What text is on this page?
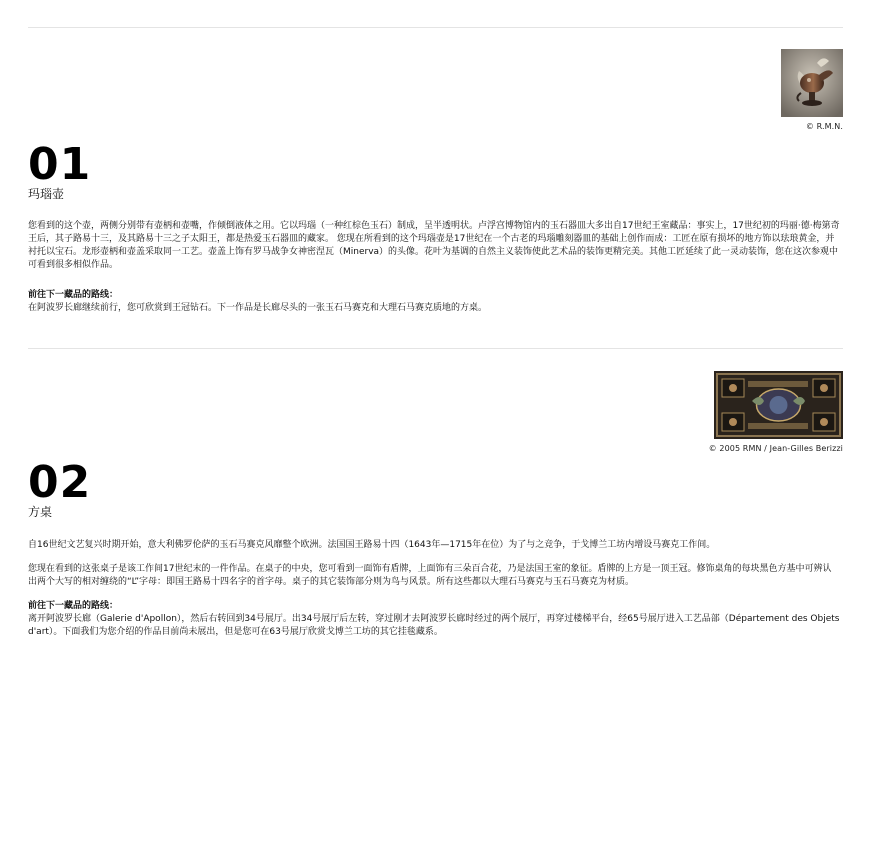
© R.M.N.
01
玛瑙壶

您看到的这个壶，两侧分别带有壶柄和壶嘴，作倾倒液体之用。它以玛瑙（一种红棕色玉石）制成，呈半透明状。卢浮宫博物馆内的玉石器皿大多出自17世纪王室藏品：事实上，17世纪初的玛丽·德·梅第奇王后，其子路易十三，及其路易十三之子太阳王，都是热爱玉石器皿的藏家。 您现在所看到的这个玛瑙壶是17世纪在一个古老的玛瑙雕刻器皿的基础上创作而成：工匠在原有损坏的地方饰以珐琅黄金，并衬托以宝石。龙形壶柄和壶盖采取同一工艺。壶盖上饰有罗马战争女神密涅瓦（Minerva）的头像。花叶为基调的自然主义装饰使此艺术品的装饰更精完美。其他工匠延续了此一灵动装饰，您在这次参观中可看到很多相似作品。

前往下一藏品的路线：

在阿波罗长廊继续前行，您可欣赏到王冠钻石。下一作品是长廊尽头的一张玉石马赛克和大理石马赛克质地的方桌。

© 2005 RMN / Jean-Gilles Berizzi
02
方桌

自16世纪文艺复兴时期开始，意大利佛罗伦萨的玉石马赛克风靡整个欧洲。法国国王路易十四（1643年—1715年在位）为了与之竞争，于戈博兰工坊内增设马赛克工作间。

您现在看到的这张桌子是该工作间17世纪末的一件作品。在桌子的中央，您可看到一面饰有盾牌，上面饰有三朵百合花，乃是法国王室的象征。盾牌的上方是一顶王冠。修饰桌角的每块黑色方基中可辨认出两个大写的相对缠绕的“L”字母：即国王路易十四名字的首字母。桌子的其它装饰部分则为鸟与风景。所有这些都以大理石马赛克与玉石马赛克为材质。

前往下一藏品的路线：

离开阿波罗长廊（Galerie d'Apollon），然后右转回到34号展厅。出34号展厅后左转，穿过刚才去阿波罗长廊时经过的两个展厅，再穿过楼梯平台，经65号展厅进入工艺品部（Département des Objets d'art）。下面我们为您介绍的作品目前尚未展出，但是您可在63号展厅欣赏戈博兰工坊的其它挂毯藏系。
